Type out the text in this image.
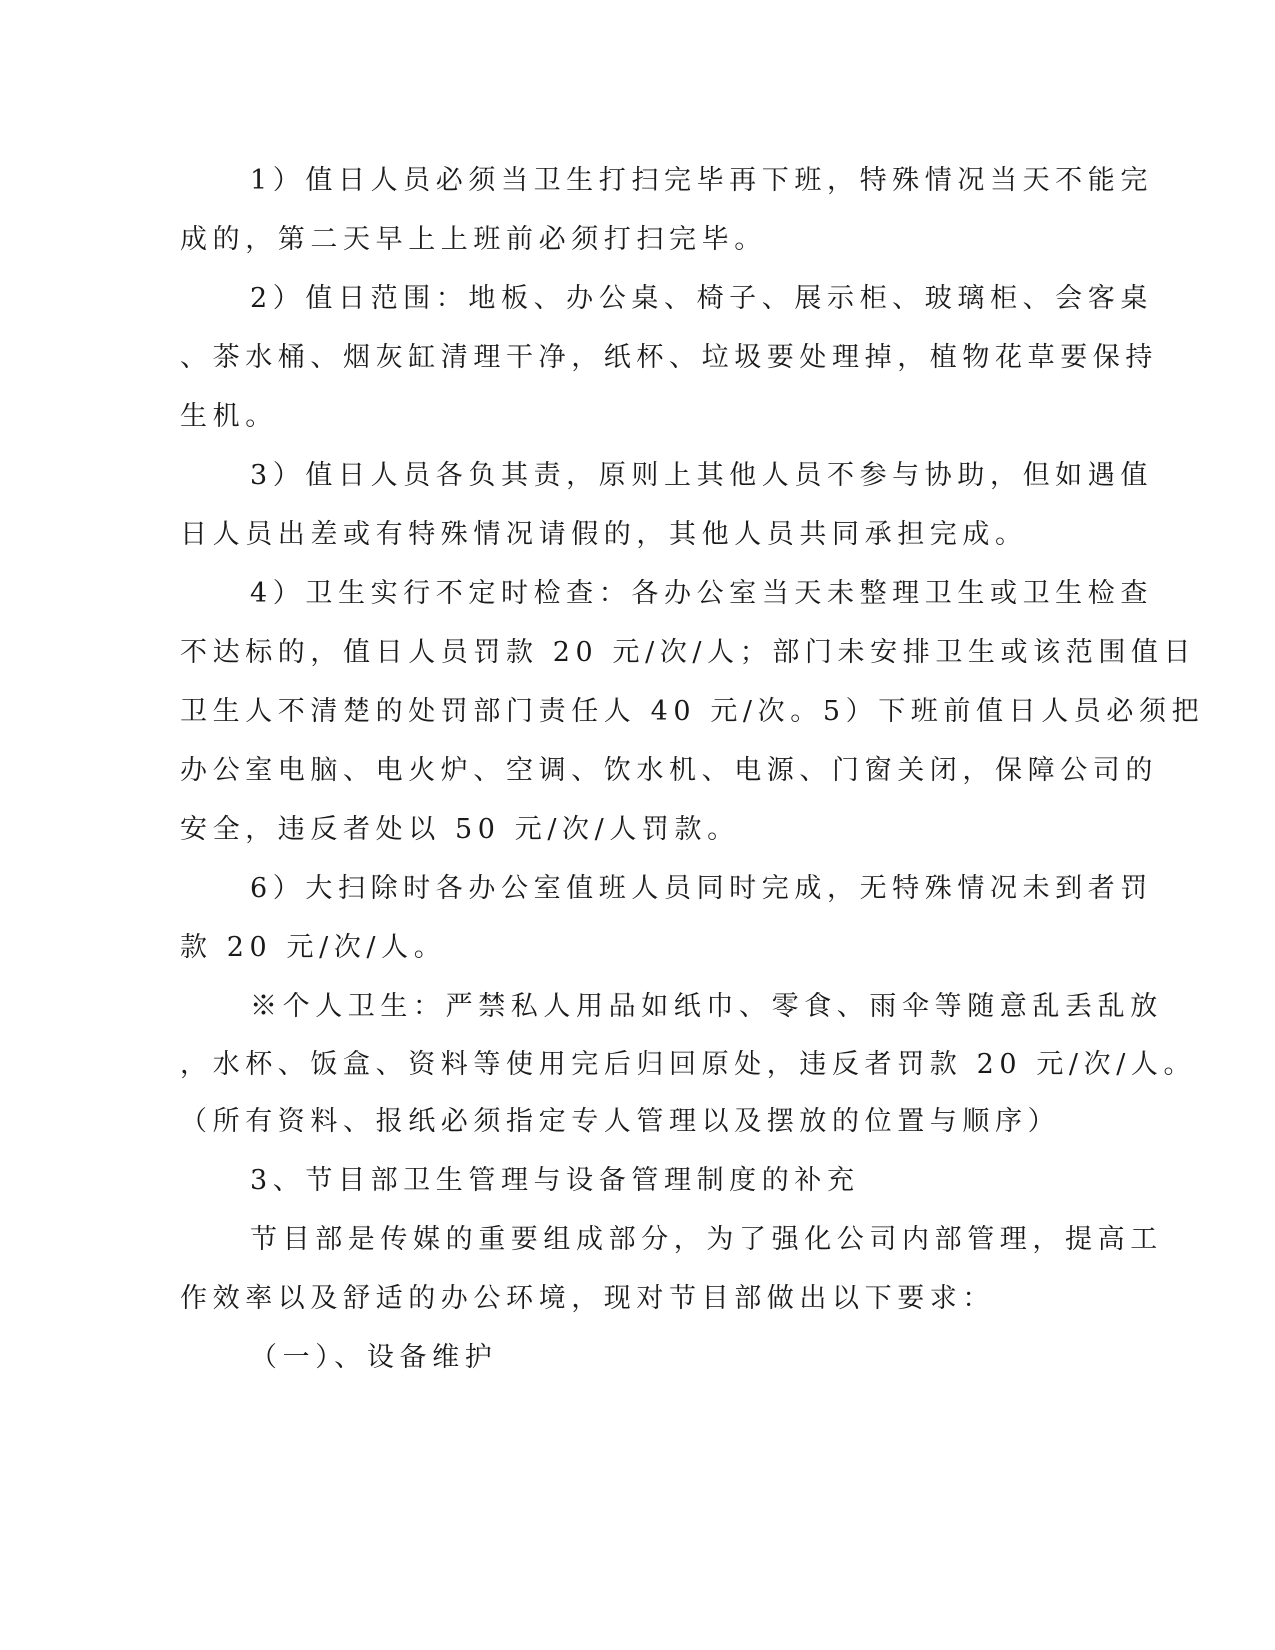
1）值日人员必须当卫生打扫完毕再下班，特殊情况当天不能完

成的，第二天早上上班前必须打扫完毕。

2）值日范围：地板、办公桌、椅子、展示柜、玻璃柜、会客桌

、茶水桶、烟灰缸清理干净，纸杯、垃圾要处理掉，植物花草要保持

生机。

3）值日人员各负其责，原则上其他人员不参与协助，但如遇值

日人员出差或有特殊情况请假的，其他人员共同承担完成。

4）卫生实行不定时检查：各办公室当天未整理卫生或卫生检查

不达标的，值日人员罚款 20 元/次/人；部门未安排卫生或该范围值日

卫生人不清楚的处罚部门责任人 40 元/次。5）下班前值日人员必须把

办公室电脑、电火炉、空调、饮水机、电源、门窗关闭，保障公司的

安全，违反者处以 50 元/次/人罚款。

6）大扫除时各办公室值班人员同时完成，无特殊情况未到者罚

款 20 元/次/人。

※个人卫生：严禁私人用品如纸巾、零食、雨伞等随意乱丢乱放

，水杯、饭盒、资料等使用完后归回原处，违反者罚款 20 元/次/人。

（所有资料、报纸必须指定专人管理以及摆放的位置与顺序）

3、节目部卫生管理与设备管理制度的补充

节目部是传媒的重要组成部分，为了强化公司内部管理，提高工

作效率以及舒适的办公环境，现对节目部做出以下要求：

（一）、设备维护
